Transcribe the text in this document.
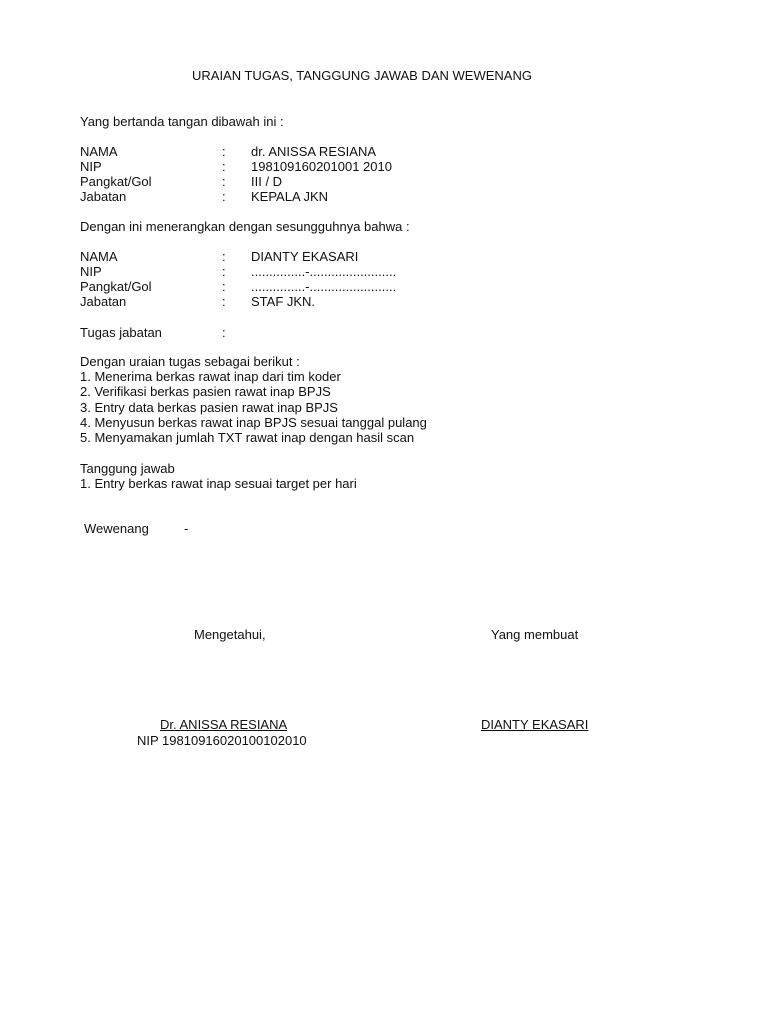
URAIAN TUGAS, TANGGUNG JAWAB DAN WEWENANG
Yang bertanda tangan dibawah ini :
NAMA	: dr. ANISSA RESIANA
NIP	: 198109160201001 2010
Pangkat/Gol	: III / D
Jabatan	: KEPALA JKN
Dengan ini menerangkan dengan sesungguhnya bahwa :
NAMA	: DIANTY EKASARI
NIP	: ...............-........................
Pangkat/Gol	: ...............-........................
Jabatan	: STAF JKN.
Tugas jabatan	:
Dengan uraian tugas sebagai berikut :
1. Menerima berkas rawat inap dari tim koder
2. Verifikasi berkas pasien rawat inap BPJS
3. Entry data berkas pasien rawat inap BPJS
4. Menyusun berkas rawat inap BPJS sesuai tanggal pulang
5. Menyamakan jumlah TXT rawat inap dengan hasil scan
Tanggung jawab
1. Entry berkas rawat inap sesuai target per hari
Wewenang	-
Mengetahui,	Yang membuat
Dr. ANISSA RESIANA
NIP 19810916020100102010
DIANTY EKASARI
